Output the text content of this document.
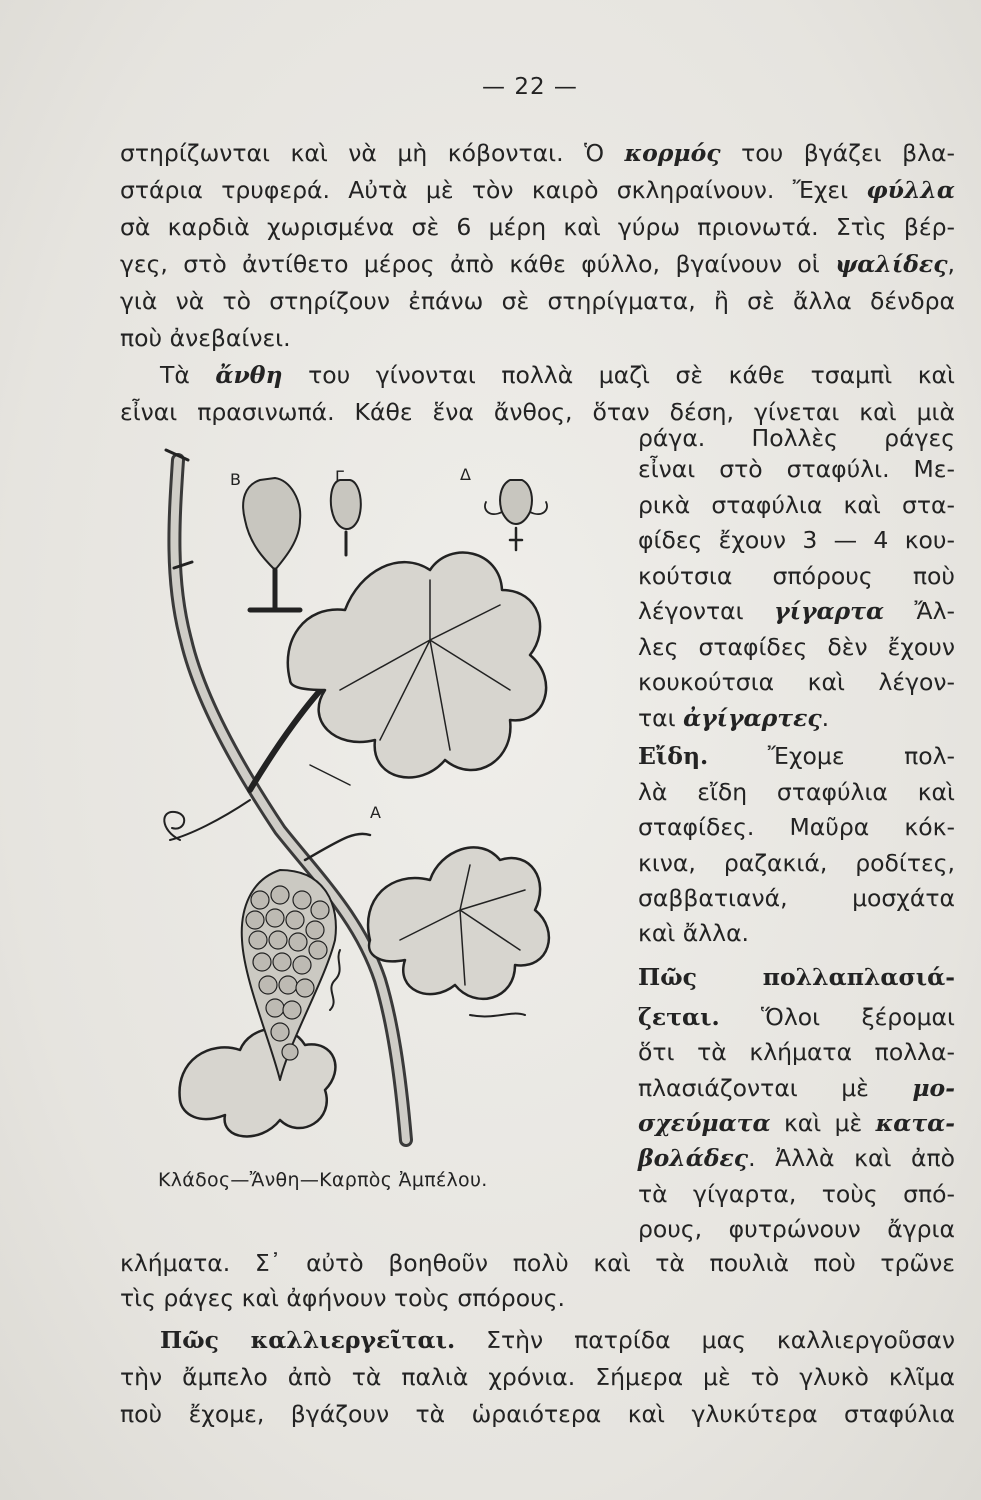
— 22 —
στηρίζωνται καὶ νὰ μὴ κόβονται. Ὁ κορμός του βγάζει βλα-
στάρια τρυφερά. Αὐτὰ μὲ τὸν καιρὸ σκληραίνουν. Ἔχει φύλλα
σὰ καρδιὰ χωρισμένα σὲ 6 μέρη καὶ γύρω πριονωτά. Στὶς βέρ-
γες, στὸ ἀντίθετο μέρος ἀπὸ κάθε φύλλο, βγαίνουν οἱ ψαλίδες,
γιὰ νὰ τὸ στηρίζουν ἐπάνω σὲ στηρίγματα, ἢ σὲ ἄλλα δένδρα
ποὺ ἀνεβαίνει.
Τὰ ἄνθη του γίνονται πολλὰ μαζὶ σὲ κάθε τσαμπὶ καὶ
εἶναι πρασινωπά. Κάθε ἕνα ἄνθος, ὅταν δέση, γίνεται καὶ μιὰ
Β	Γ	Δ
Α
Κλάδος—Ἄνθη—Καρπὸς Ἀμπέλου.
ράγα. Πολλὲς ράγες
εἶναι στὸ σταφύλι. Με-
ρικὰ σταφύλια καὶ στα-
φίδες ἔχουν 3 — 4 κου-
κούτσια σπόρους ποὺ
λέγονται γίγαρτα Ἄλ-
λες σταφίδες δὲν ἔχουν
κουκούτσια καὶ λέγον-
ται ἀγίγαρτες.
Εἴδη. Ἔχομε πολ-
λὰ εἴδη σταφύλια καὶ
σταφίδες. Μαῦρα κόκ-
κινα, ραζακιά, ροδίτες,
σαββατιανά, μοσχάτα
καὶ ἄλλα.
Πῶς πολλαπλασιά-
ζεται. Ὅλοι ξέρομαι
ὅτι τὰ κλήματα πολλα-
πλασιάζονται μὲ μο-
σχεύματα καὶ μὲ κατα-
βολάδες. Ἀλλὰ καὶ ἀπὸ
τὰ γίγαρτα, τοὺς σπό-
ρους, φυτρώνουν ἄγρια
κλήματα. Σ᾿ αὐτὸ βοηθοῦν πολὺ καὶ τὰ πουλιὰ ποὺ τρῶνε
τὶς ράγες καὶ ἀφήνουν τοὺς σπόρους.
Πῶς καλλιεργεῖται. Στὴν πατρίδα μας καλλιεργοῦσαν
τὴν ἄμπελο ἀπὸ τὰ παλιὰ χρόνια. Σήμερα μὲ τὸ γλυκὸ κλῖμα
ποὺ ἔχομε, βγάζουν τὰ ὡραιότερα καὶ γλυκύτερα σταφύλια
